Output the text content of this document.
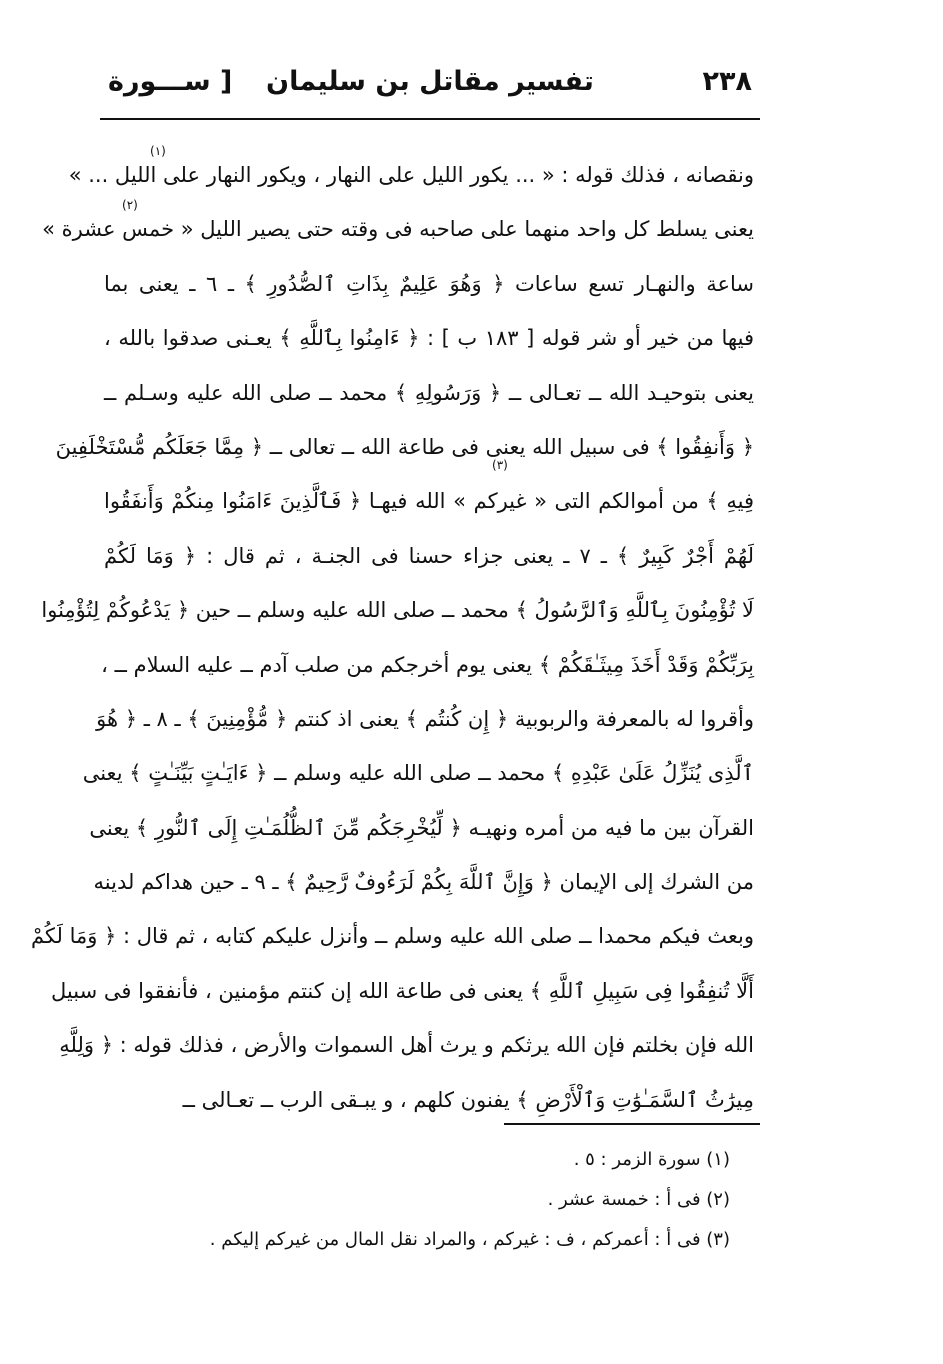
٢٣٨
تفسير مقاتل بن سليمان
[ ســـورة
ونقصانه ، فذلك قوله : « ... يكور الليل على النهار ، ويكور النهار على الليل ... »
يعنى يسلط كل واحد منهما على صاحبه فى وقته حتى يصير الليل « خمس عشرة »
ساعة والنهـار تسع ساعات ﴿ وَهُوَ عَلِيمٌ بِذَاتِ ٱلصُّدُورِ ﴾ ـ ٦ ـ يعنى بما
فيها من خير أو شر قوله [ ١٨٣ ب ] : ﴿ ءَامِنُوا بِٱللَّهِ ﴾ يعـنى صدقوا بالله ،
يعنى بتوحيـد الله ــ تعـالى ــ ﴿ وَرَسُولِهِ ﴾ محمد ــ صلى الله عليه وسـلم ــ
﴿ وَأَنفِقُوا ﴾ فى سبيل الله يعنى فى طاعة الله ــ تعالى ــ ﴿ مِمَّا جَعَلَكُم مُّسْتَخْلَفِينَ
فِيهِ ﴾ من أموالكم التى « غيركم » الله فيهـا ﴿ فَٱلَّذِينَ ءَامَنُوا مِنكُمْ وَأَنفَقُوا
لَهُمْ أَجْرٌ كَبِيرٌ ﴾ ـ ٧ ـ يعنى جزاء حسنا فى الجنـة ، ثم قال : ﴿ وَمَا لَكُمْ
لَا تُؤْمِنُونَ بِٱللَّهِ وَٱلرَّسُولُ ﴾ محمد ــ صلى الله عليه وسلم ــ حين ﴿ يَدْعُوكُمْ لِتُؤْمِنُوا
بِرَبِّكُمْ وَقَدْ أَخَذَ مِيثَـٰقَكُمْ ﴾ يعنى يوم أخرجكم من صلب آدم ــ عليه السلام ــ ،
وأقروا له بالمعرفة والربوبية ﴿ إِن كُنتُم ﴾ يعنى اذ كنتم ﴿ مُّؤْمِنِينَ ﴾ ـ ٨ ـ ﴿ هُوَ
ٱلَّذِى يُنَزِّلُ عَلَىٰ عَبْدِهِ ﴾ محمد ــ صلى الله عليه وسلم ــ ﴿ ءَايَـٰتٍ بَيِّنَـٰتٍ ﴾ يعنى
القرآن بين ما فيه من أمره ونهيـه ﴿ لِّيُخْرِجَكُم مِّنَ ٱلظُّلُمَـٰتِ إِلَى ٱلنُّورِ ﴾ يعنى
من الشرك إلى الإيمان ﴿ وَإِنَّ ٱللَّهَ بِكُمْ لَرَءُوفٌ رَّحِيمٌ ﴾ ـ ٩ ـ حين هداكم لدينه
وبعث فيكم محمدا ــ صلى الله عليه وسلم ــ وأنزل عليكم كتابه ، ثم قال : ﴿ وَمَا لَكُمْ
أَلَّا تُنفِقُوا فِى سَبِيلِ ٱللَّهِ ﴾ يعنى فى طاعة الله إن كنتم مؤمنين ، فأنفقوا فى سبيل
الله فإن بخلتم فإن الله يرثكم و يرث أهل السموات والأرض ، فذلك قوله : ﴿ وَلِلَّهِ
مِيرَٰثُ ٱلسَّمَـٰوَٰتِ وَٱلْأَرْضِ ﴾ يفنون كلهم ، و يبـقى الرب ــ تعـالى ــ
(١)
(٢)
(٣)
(١) سورة الزمر : ٥ .
(٢) فى أ : خمسة عشر .
(٣) فى أ : أعمركم ، ف : غيركم ، والمراد نقل المال من غيركم إليكم .
